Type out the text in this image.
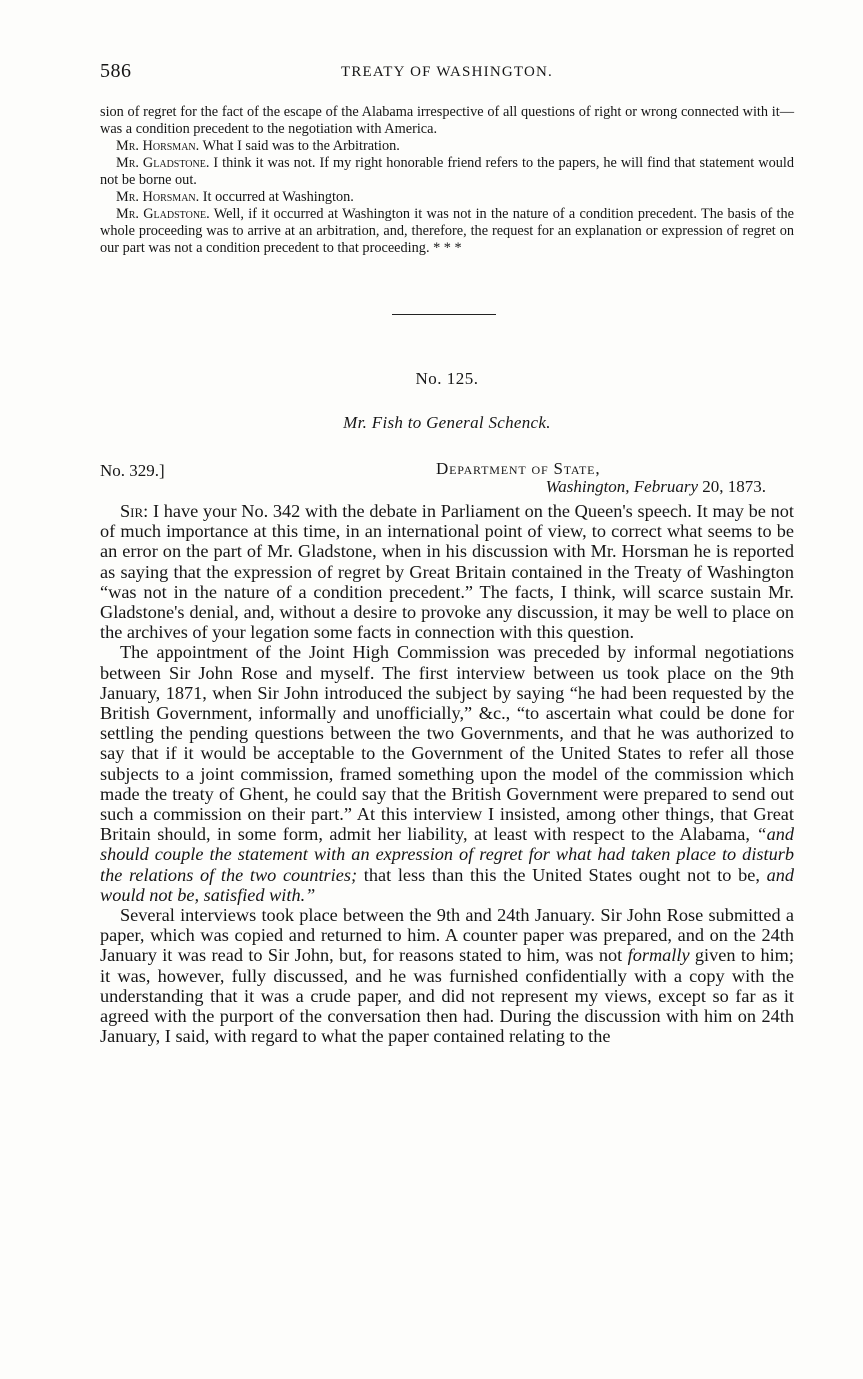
586	TREATY OF WASHINGTON.

sion of regret for the fact of the escape of the Alabama irrespective of all questions of right or wrong connected with it—was a condition precedent to the negotiation with America.

Mr. Horsman. What I said was to the Arbitration.

Mr. Gladstone. I think it was not. If my right honorable friend refers to the papers, he will find that statement would not be borne out.

Mr. Horsman. It occurred at Washington.

Mr. Gladstone. Well, if it occurred at Washington it was not in the nature of a condition precedent. The basis of the whole proceeding was to arrive at an arbitration, and, therefore, the request for an explanation or expression of regret on our part was not a condition precedent to that proceeding. * * *

No. 125.
Mr. Fish to General Schenck.
No. 329.]	Department of State,
Washington, February 20, 1873.

Sir: I have your No. 342 with the debate in Parliament on the Queen's speech. It may be not of much importance at this time, in an international point of view, to correct what seems to be an error on the part of Mr. Gladstone, when in his discussion with Mr. Horsman he is reported as saying that the expression of regret by Great Britain contained in the Treaty of Washington “was not in the nature of a condition precedent.” The facts, I think, will scarce sustain Mr. Gladstone's denial, and, without a desire to provoke any discussion, it may be well to place on the archives of your legation some facts in connection with this question.

The appointment of the Joint High Commission was preceded by informal negotiations between Sir John Rose and myself. The first interview between us took place on the 9th January, 1871, when Sir John introduced the subject by saying “he had been requested by the British Government, informally and unofficially,” &c., “to ascertain what could be done for settling the pending questions between the two Governments, and that he was authorized to say that if it would be acceptable to the Government of the United States to refer all those subjects to a joint commission, framed something upon the model of the commission which made the treaty of Ghent, he could say that the British Government were prepared to send out such a commission on their part.” At this interview I insisted, among other things, that Great Britain should, in some form, admit her liability, at least with respect to the Alabama, “and should couple the statement with an expression of regret for what had taken place to disturb the relations of the two countries; that less than this the United States ought not to be, and would not be, satisfied with.”

Several interviews took place between the 9th and 24th January. Sir John Rose submitted a paper, which was copied and returned to him. A counter paper was prepared, and on the 24th January it was read to Sir John, but, for reasons stated to him, was not formally given to him; it was, however, fully discussed, and he was furnished confidentially with a copy with the understanding that it was a crude paper, and did not represent my views, except so far as it agreed with the purport of the conversation then had. During the discussion with him on 24th January, I said, with regard to what the paper contained relating to the
